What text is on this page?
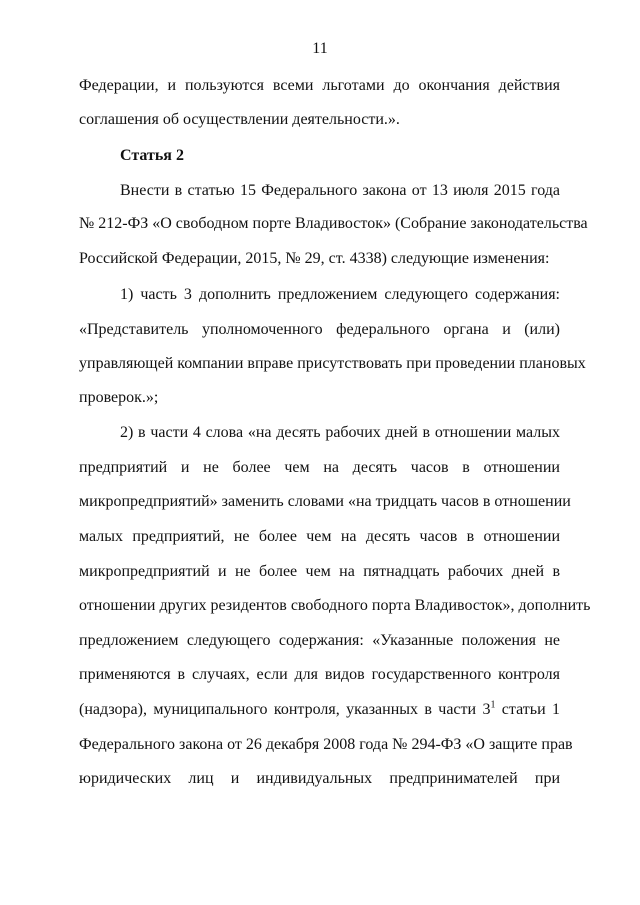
11
Федерации, и пользуются всеми льготами до окончания действия
соглашения об осуществлении деятельности.».
Статья 2
Внести в статью 15 Федерального закона от 13 июля 2015 года
№ 212-ФЗ «О свободном порте Владивосток» (Собрание законодательства
Российской Федерации, 2015, № 29, ст. 4338) следующие изменения:
1) часть 3 дополнить предложением следующего содержания:
«Представитель уполномоченного федерального органа и (или)
управляющей компании вправе присутствовать при проведении плановых
проверок.»;
2) в части 4 слова «на десять рабочих дней в отношении малых
предприятий и не более чем на десять часов в отношении
микропредприятий» заменить словами «на тридцать часов в отношении
малых предприятий, не более чем на десять часов в отношении
микропредприятий и не более чем на пятнадцать рабочих дней в
отношении других резидентов свободного порта Владивосток», дополнить
предложением следующего содержания: «Указанные положения не
применяются в случаях, если для видов государственного контроля
(надзора), муниципального контроля, указанных в части $3^1$ статьи 1
Федерального закона от 26 декабря 2008 года № 294-ФЗ «О защите прав
юридических лиц и индивидуальных предпринимателей при
